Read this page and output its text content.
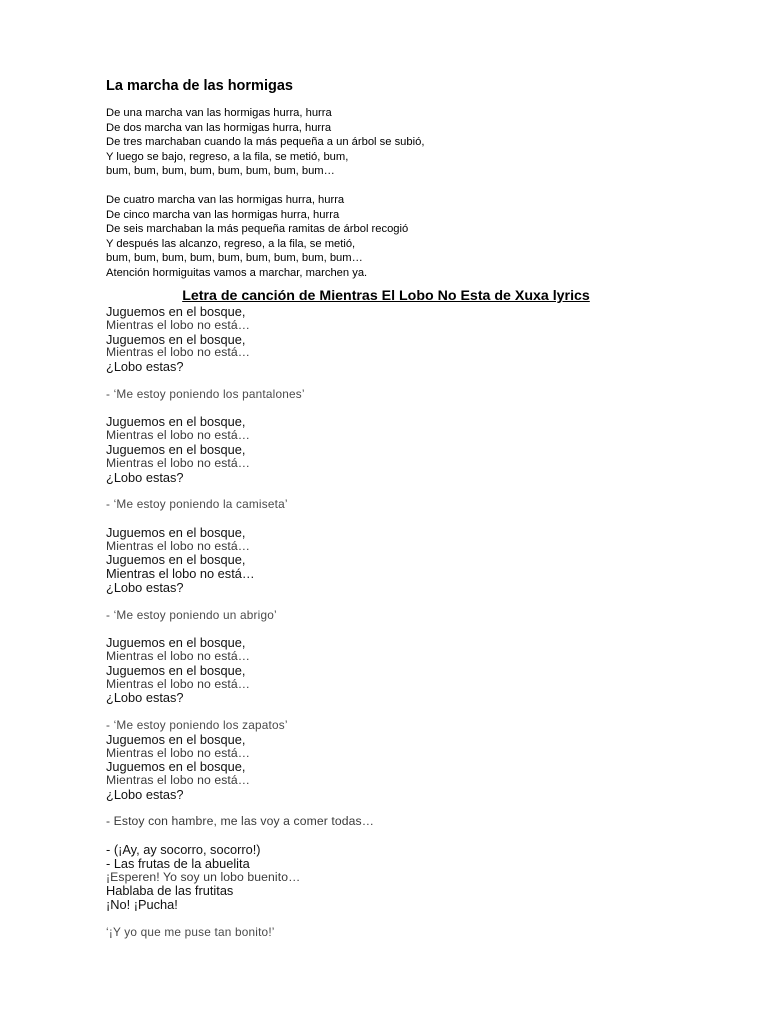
La marcha de las hormigas
De una marcha van las hormigas hurra, hurra
De dos marcha van las hormigas hurra, hurra
De tres marchaban cuando la más pequeña a un árbol se subió,
Y luego se bajo, regreso, a la fila, se metió, bum,
bum, bum, bum, bum, bum, bum, bum, bum…
De cuatro marcha van las hormigas hurra, hurra
De cinco marcha van las hormigas hurra, hurra
De seis marchaban la más pequeña ramitas de árbol recogió
Y después las alcanzo, regreso, a la fila, se metió,
bum, bum, bum, bum, bum, bum, bum, bum, bum…
Atención hormiguitas vamos a marchar, marchen ya.
Letra de canción de Mientras El Lobo No Esta de Xuxa lyrics
Juguemos en el bosque,
Mientras el lobo no está…
Juguemos en el bosque,
Mientras el lobo no está…
¿Lobo estas?
- ‘Me estoy poniendo los pantalones’
Juguemos en el bosque,
Mientras el lobo no está…
Juguemos en el bosque,
Mientras el lobo no está…
¿Lobo estas?
- ‘Me estoy poniendo la camiseta’
Juguemos en el bosque,
Mientras el lobo no está…
Juguemos en el bosque,
Mientras el lobo no está…
¿Lobo estas?
- ‘Me estoy poniendo un abrigo’
Juguemos en el bosque,
Mientras el lobo no está…
Juguemos en el bosque,
Mientras el lobo no está…
¿Lobo estas?
- ‘Me estoy poniendo los zapatos’
Juguemos en el bosque,
Mientras el lobo no está…
Juguemos en el bosque,
Mientras el lobo no está…
¿Lobo estas?
- Estoy con hambre, me las voy a comer todas…
- (¡Ay, ay socorro, socorro!)
- Las frutas de la abuelita
¡Esperen! Yo soy un lobo buenito…
Hablaba de las frutitas
¡No! ¡Pucha!
‘¡Y yo que me puse tan bonito!’
